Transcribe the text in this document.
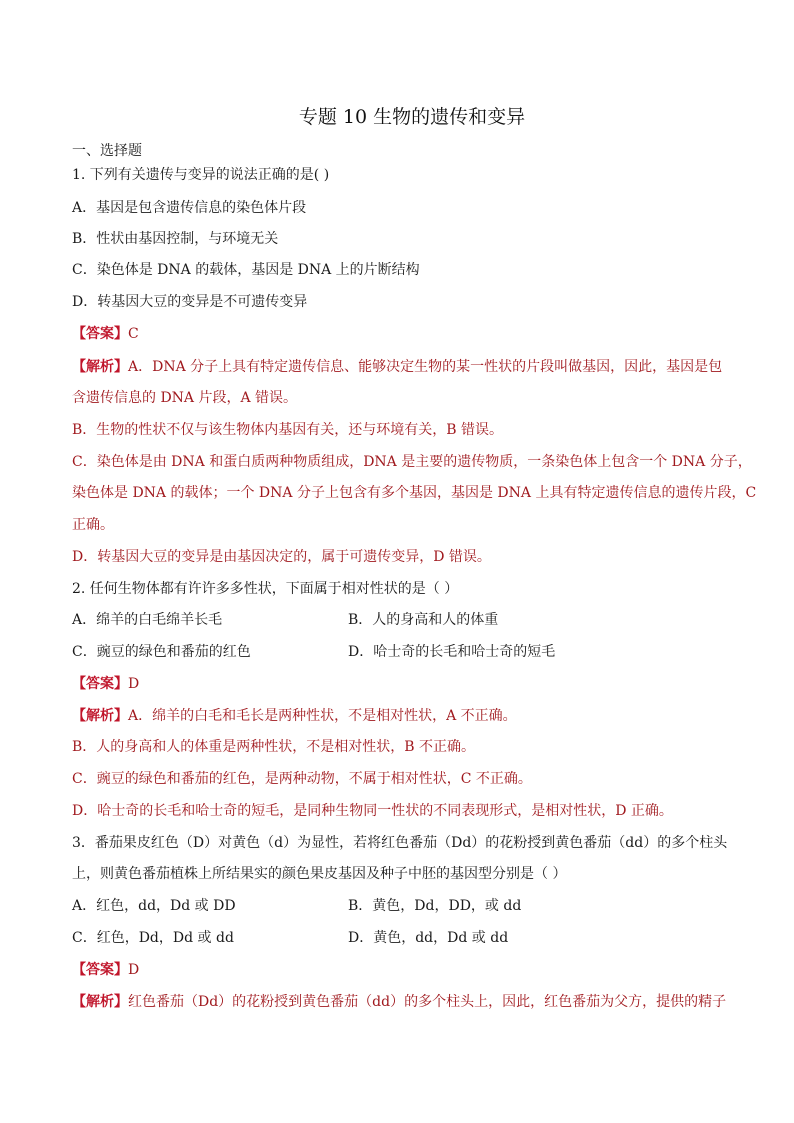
专题 10 生物的遗传和变异
一、选择题
1. 下列有关遗传与变异的说法正确的是( )
A．基因是包含遗传信息的染色体片段
B．性状由基因控制，与环境无关
C．染色体是 DNA 的载体，基因是 DNA 上的片断结构
D．转基因大豆的变异是不可遗传变异
【答案】C
【解析】A．DNA 分子上具有特定遗传信息、能够决定生物的某一性状的片段叫做基因，因此，基因是包
含遗传信息的 DNA 片段，A 错误。
B．生物的性状不仅与该生物体内基因有关，还与环境有关，B 错误。
C．染色体是由 DNA 和蛋白质两种物质组成，DNA 是主要的遗传物质，一条染色体上包含一个 DNA 分子，
染色体是 DNA 的载体；一个 DNA 分子上包含有多个基因，基因是 DNA 上具有特定遗传信息的遗传片段，C
正确。
D．转基因大豆的变异是由基因决定的，属于可遗传变异，D 错误。
2. 任何生物体都有许许多多性状，下面属于相对性状的是（ ）
A．绵羊的白毛绵羊长毛	B．人的身高和人的体重
C．豌豆的绿色和番茄的红色	D．哈士奇的长毛和哈士奇的短毛
【答案】D
【解析】A．绵羊的白毛和毛长是两种性状，不是相对性状，A 不正确。
B．人的身高和人的体重是两种性状，不是相对性状，B 不正确。
C．豌豆的绿色和番茄的红色，是两种动物，不属于相对性状，C 不正确。
D．哈士奇的长毛和哈士奇的短毛，是同种生物同一性状的不同表现形式，是相对性状，D 正确。
3．番茄果皮红色（D）对黄色（d）为显性，若将红色番茄（Dd）的花粉授到黄色番茄（dd）的多个柱头
上，则黄色番茄植株上所结果实的颜色果皮基因及种子中胚的基因型分别是（ ）
A．红色，dd，Dd 或 DD	B．黄色，Dd，DD，或 dd
C．红色，Dd，Dd 或 dd	D．黄色，dd，Dd 或 dd
【答案】D
【解析】红色番茄（Dd）的花粉授到黄色番茄（dd）的多个柱头上，因此，红色番茄为父方，提供的精子
